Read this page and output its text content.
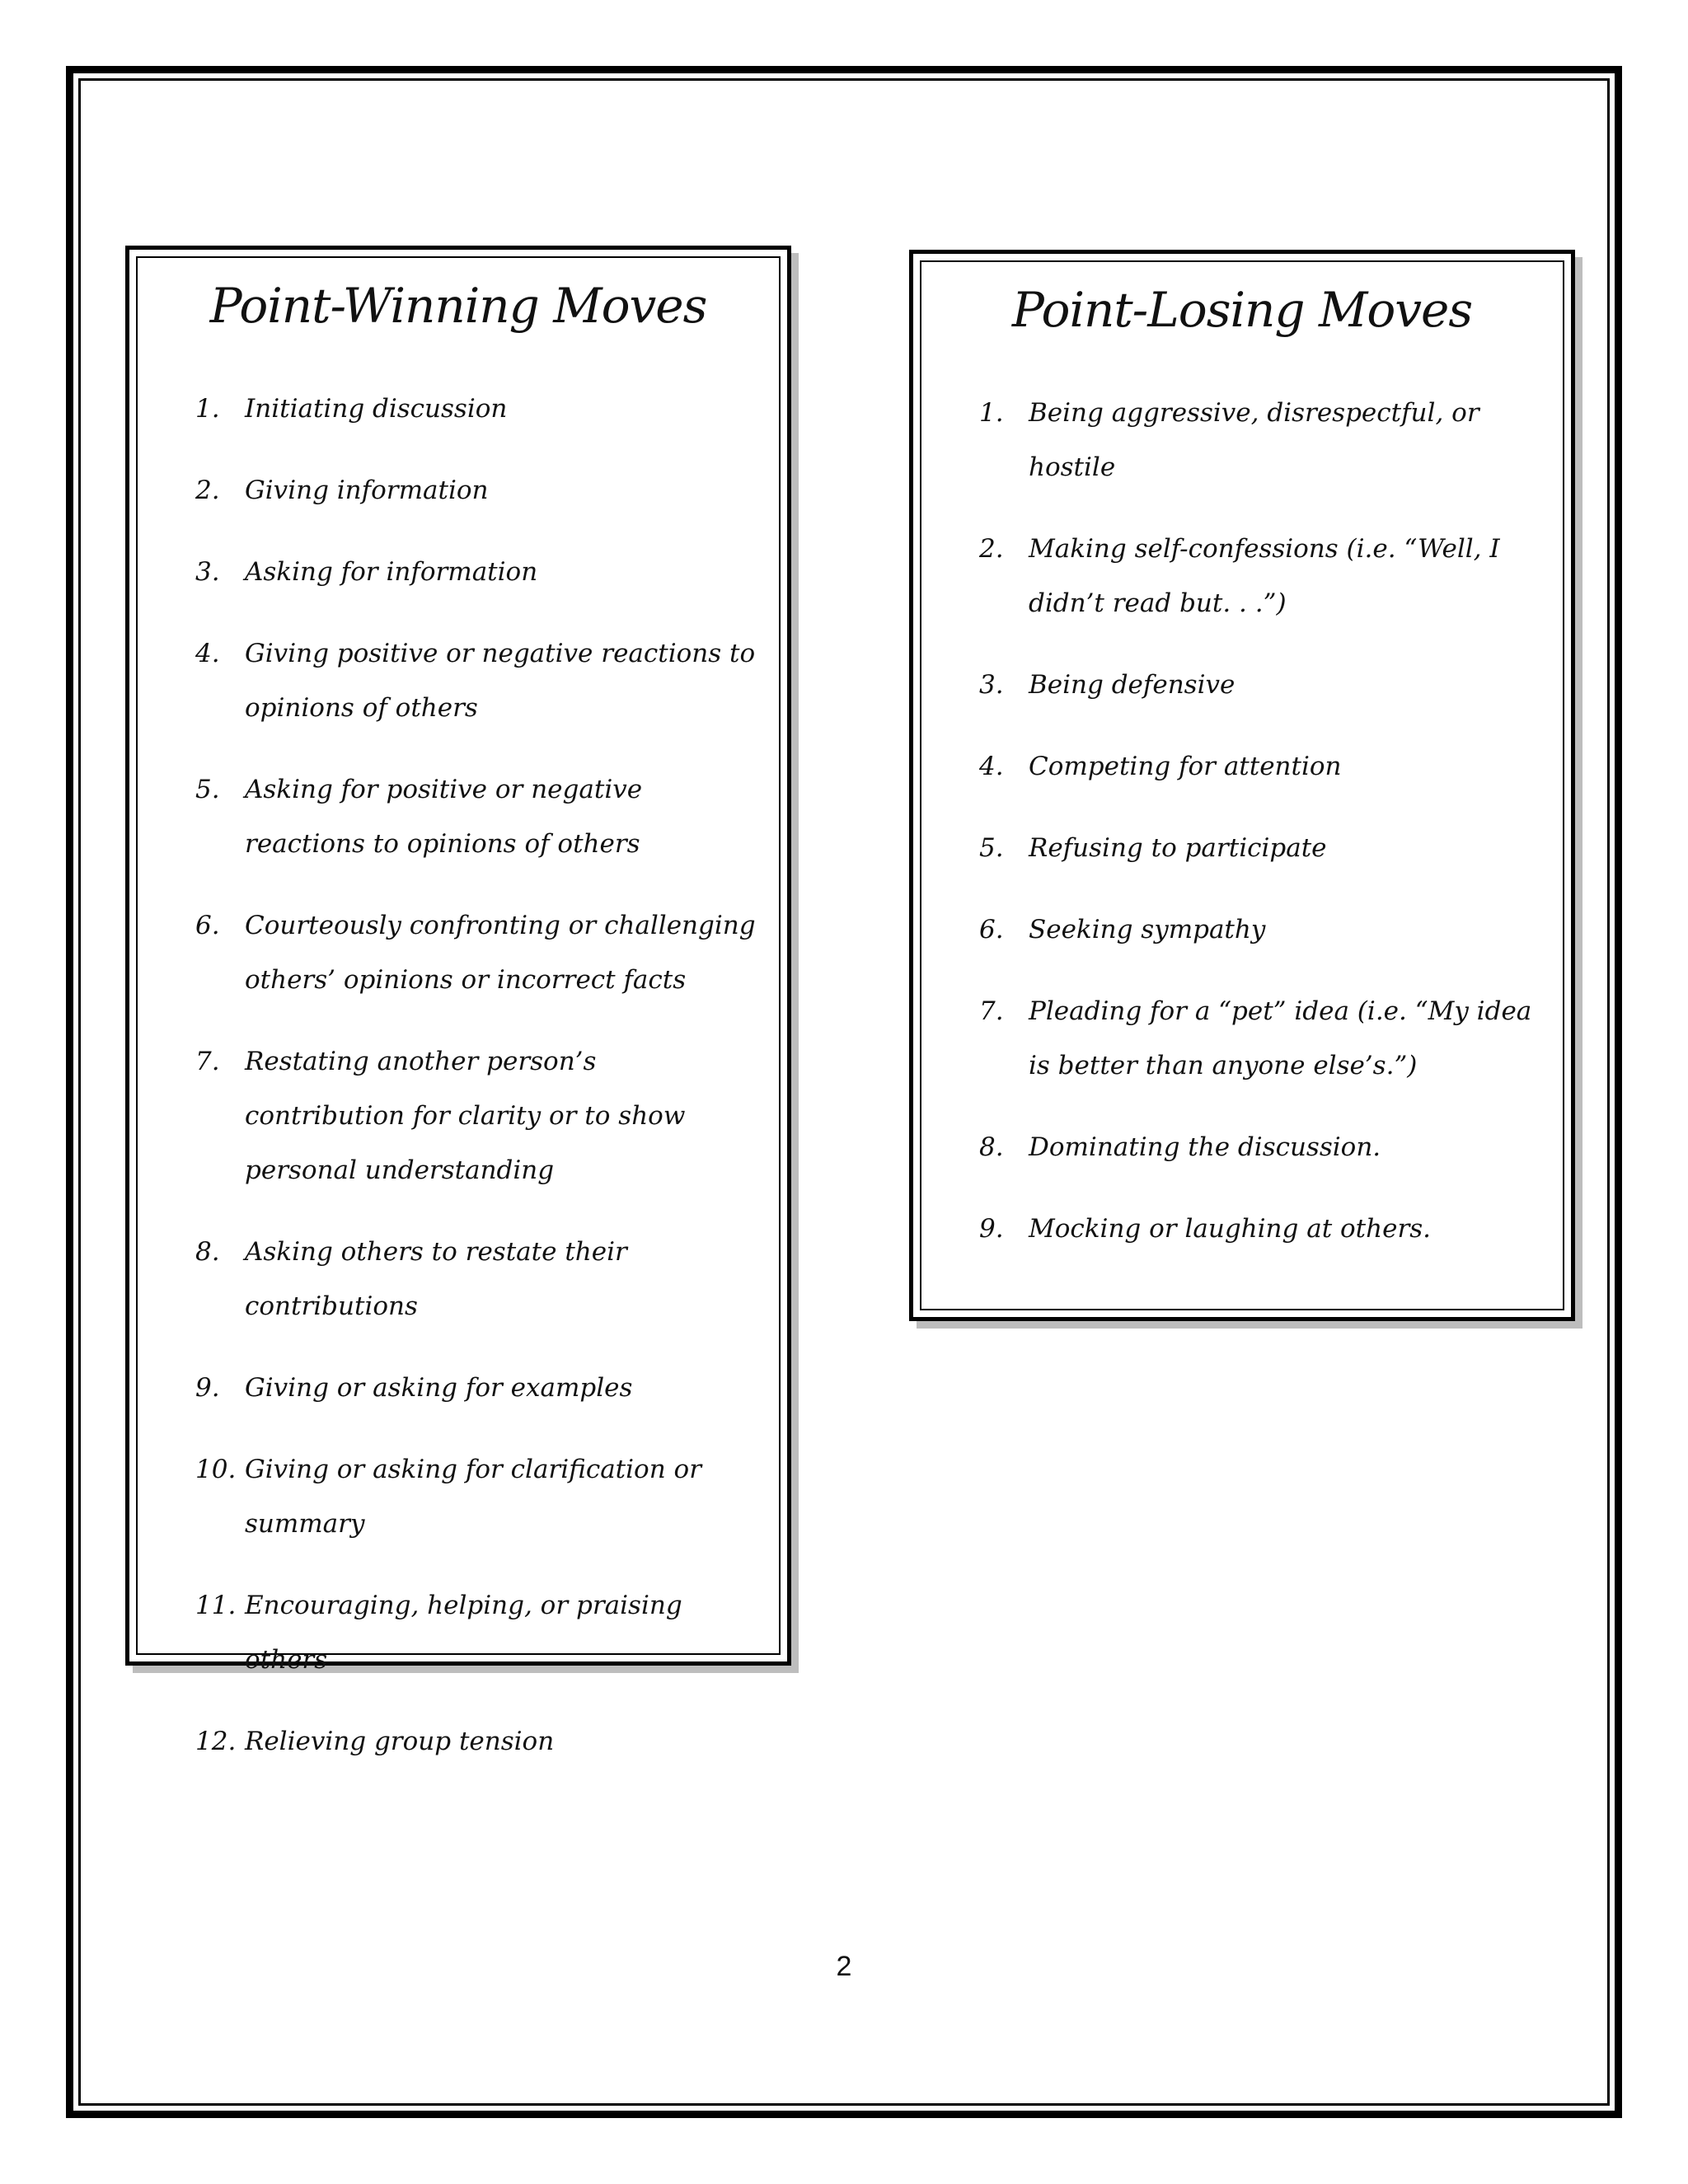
Point-Winning Moves
1. Initiating discussion
2. Giving information
3. Asking for information
4. Giving positive or negative reactions to opinions of others
5. Asking for positive or negative reactions to opinions of others
6. Courteously confronting or challenging others’ opinions or incorrect facts
7. Restating another person’s contribution for clarity or to show personal understanding
8. Asking others to restate their contributions
9. Giving or asking for examples
10. Giving or asking for clarification or summary
11. Encouraging, helping, or praising others
12. Relieving group tension
Point-Losing Moves
1. Being aggressive, disrespectful, or hostile
2. Making self-confessions (i.e. “Well, I didn’t read but. . .”)
3. Being defensive
4. Competing for attention
5. Refusing to participate
6. Seeking sympathy
7. Pleading for a “pet” idea (i.e. “My idea is better than anyone else’s.”)
8. Dominating the discussion.
9. Mocking or laughing at others.
2
